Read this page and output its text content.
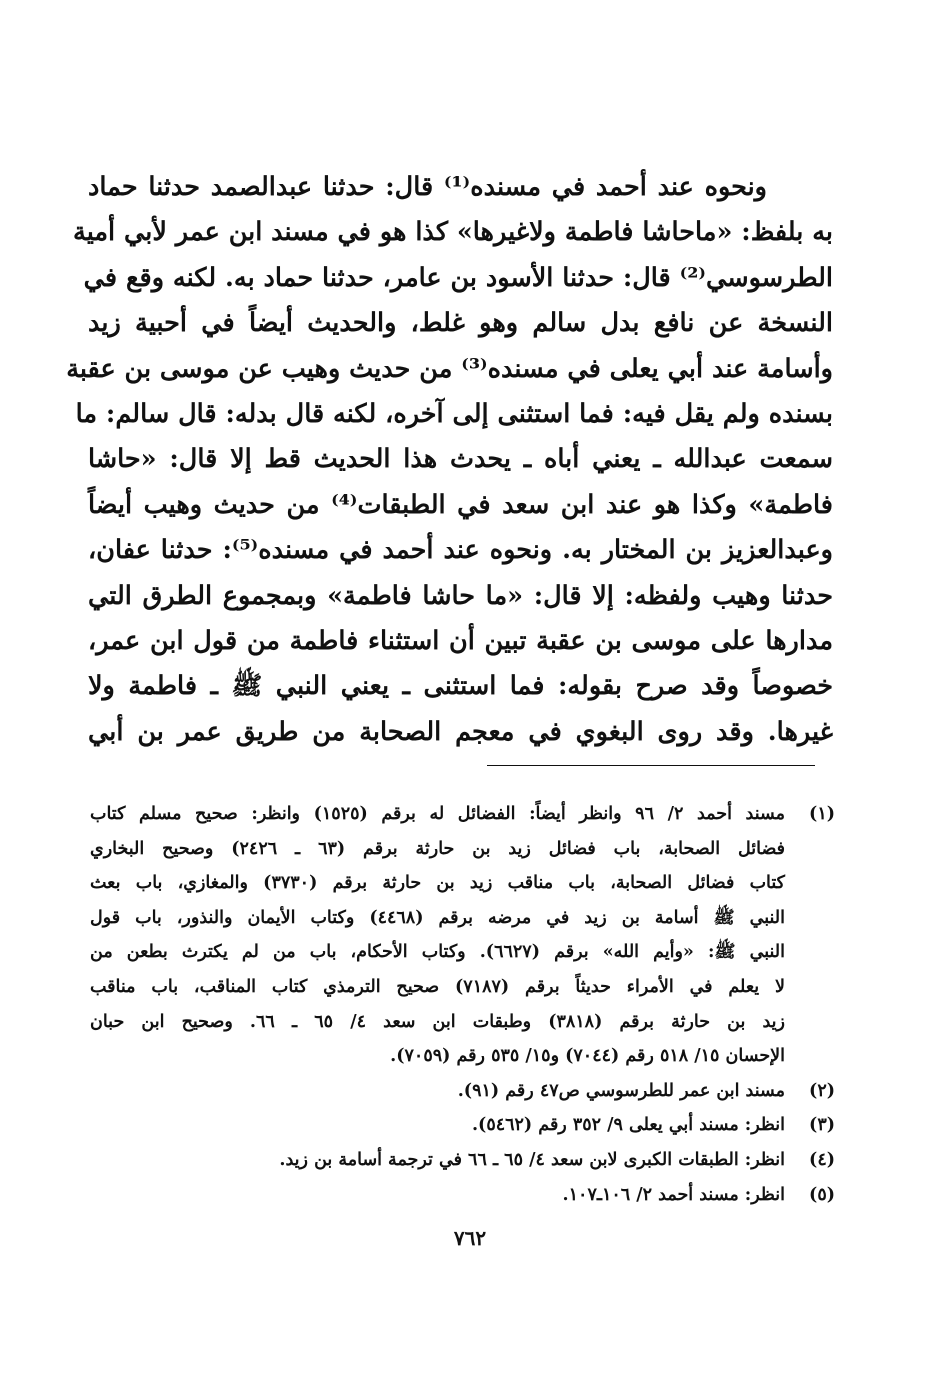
ونحوه عند أحمد في مسنده⁽¹⁾ قال: حدثنا عبدالصمد حدثنا حماد

به بلفظ: «ماحاشا فاطمة ولاغيرها» كذا هو في مسند ابن عمر لأبي أمية

الطرسوسي⁽²⁾ قال: حدثنا الأسود بن عامر، حدثنا حماد به. لكنه وقع في

النسخة عن نافع بدل سالم وهو غلط، والحديث أيضاً في أحبية زيد

وأسامة عند أبي يعلى في مسنده⁽³⁾ من حديث وهيب عن موسى بن عقبة

بسنده ولم يقل فيه: فما استثنى إلى آخره، لكنه قال بدله: قال سالم: ما

سمعت عبدالله ـ يعني أباه ـ يحدث هذا الحديث قط إلا قال: «حاشا

فاطمة» وكذا هو عند ابن سعد في الطبقات⁽⁴⁾ من حديث وهيب أيضاً

وعبدالعزيز بن المختار به. ونحوه عند أحمد في مسنده⁽⁵⁾: حدثنا عفان،

حدثنا وهيب ولفظه: إلا قال: «ما حاشا فاطمة» وبمجموع الطرق التي

مدارها على موسى بن عقبة تبين أن استثناء فاطمة من قول ابن عمر،

خصوصاً وقد صرح بقوله: فما استثنى ـ يعني النبي ﷺ ـ فاطمة ولا

غيرها. وقد روى البغوي في معجم الصحابة من طريق عمر بن أبي

(١)

مسند أحمد ٢/ ٩٦ وانظر أيضاً: الفضائل له برقم (١٥٢٥) وانظر: صحيح مسلم كتاب

فضائل الصحابة، باب فضائل زيد بن حارثة برقم (٦٣ ـ ٢٤٢٦) وصحيح البخاري

كتاب فضائل الصحابة، باب مناقب زيد بن حارثة برقم (٣٧٣٠) والمغازي، باب بعث

النبي ﷺ أسامة بن زيد في مرضه برقم (٤٤٦٨) وكتاب الأيمان والنذور، باب قول

النبي ﷺ: «وأيم الله» برقم (٦٦٢٧). وكتاب الأحكام، باب من لم يكترث بطعن من

لا يعلم في الأمراء حديثاً برقم (٧١٨٧) صحيح الترمذي كتاب المناقب، باب مناقب

زيد بن حارثة برقم (٣٨١٨) وطبقات ابن سعد ٤/ ٦٥ ـ ٦٦. وصحيح ابن حبان

الإحسان ١٥/ ٥١٨ رقم (٧٠٤٤) و١٥/ ٥٣٥ رقم (٧٠٥٩).

(٢)

مسند ابن عمر للطرسوسي ص٤٧ رقم (٩١).

(٣)

انظر: مسند أبي يعلى ٩/ ٣٥٢ رقم (٥٤٦٢).

(٤)

انظر: الطبقات الكبرى لابن سعد ٤/ ٦٥ ـ ٦٦ في ترجمة أسامة بن زيد.

(٥)

انظر: مسند أحمد ٢/ ١٠٦ـ١٠٧.

٧٦٢
